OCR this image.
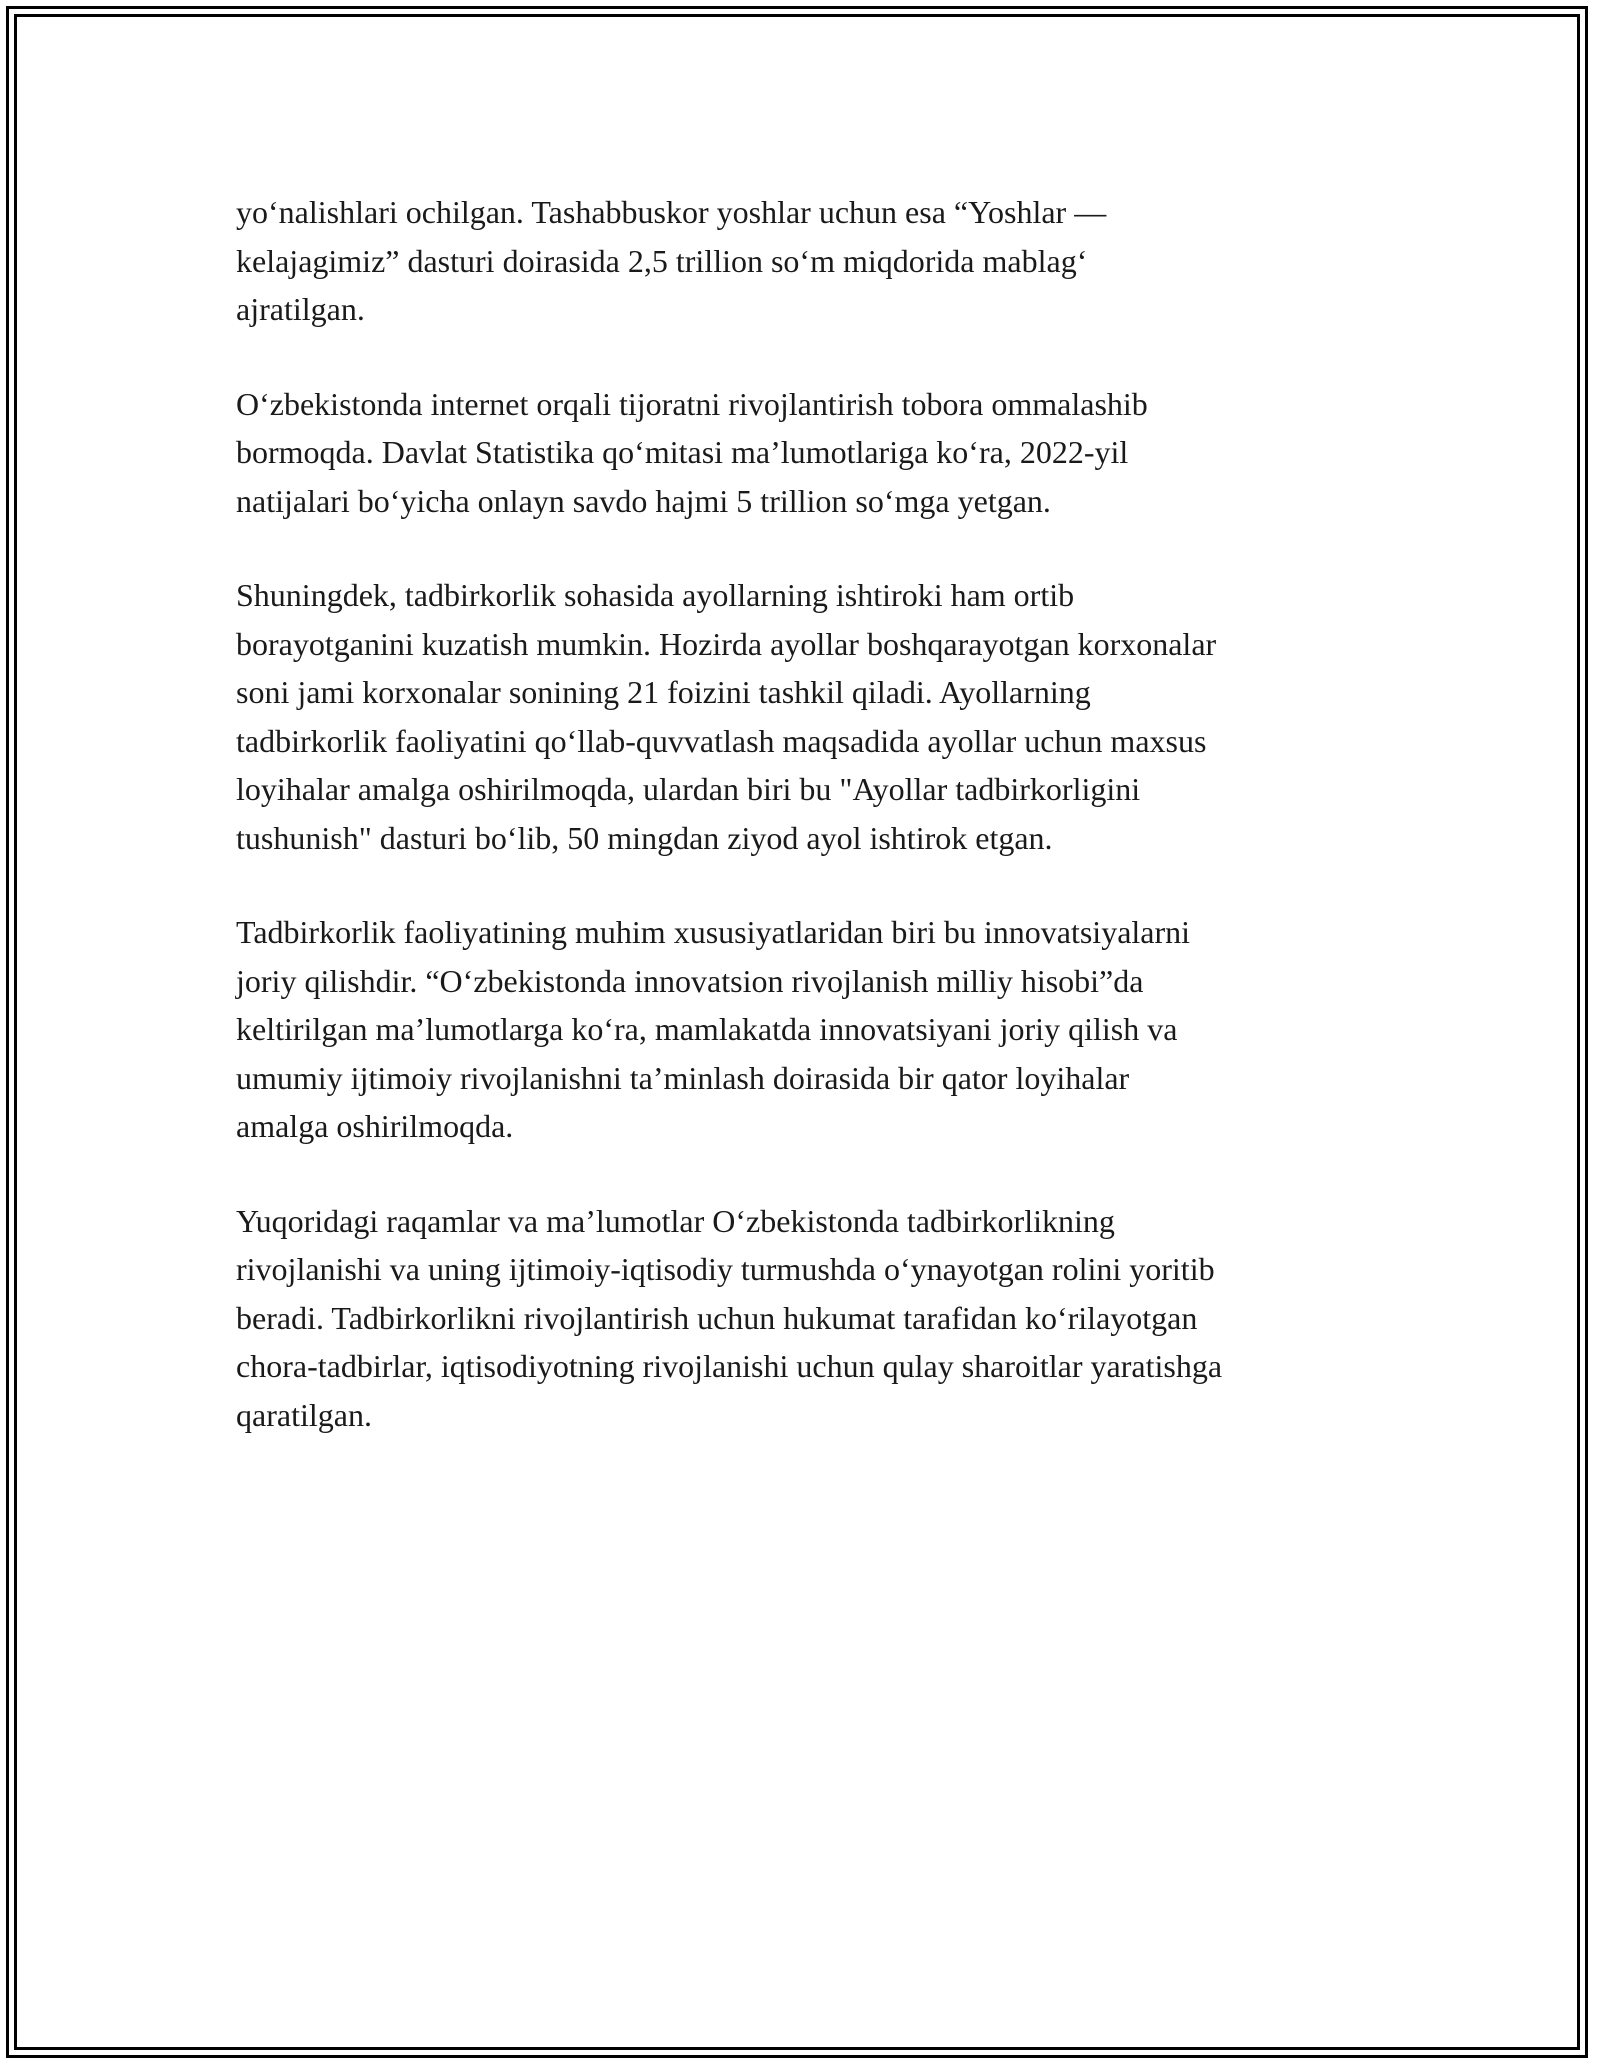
yo‘nalishlari ochilgan. Tashabbuskor yoshlar uchun esa “Yoshlar —
kelajagimiz” dasturi doirasida 2,5 trillion so‘m miqdorida mablag‘
ajratilgan.

O‘zbekistonda internet orqali tijoratni rivojlantirish tobora ommalashib
bormoqda. Davlat Statistika qo‘mitasi ma’lumotlariga ko‘ra, 2022-yil
natijalari bo‘yicha onlayn savdo hajmi 5 trillion so‘mga yetgan.

Shuningdek, tadbirkorlik sohasida ayollarning ishtiroki ham ortib
borayotganini kuzatish mumkin. Hozirda ayollar boshqarayotgan korxonalar
soni jami korxonalar sonining 21 foizini tashkil qiladi. Ayollarning
tadbirkorlik faoliyatini qo‘llab-quvvatlash maqsadida ayollar uchun maxsus
loyihalar amalga oshirilmoqda, ulardan biri bu "Ayollar tadbirkorligini
tushunish" dasturi bo‘lib, 50 mingdan ziyod ayol ishtirok etgan.

Tadbirkorlik faoliyatining muhim xususiyatlaridan biri bu innovatsiyalarni
joriy qilishdir. “O‘zbekistonda innovatsion rivojlanish milliy hisobi”da
keltirilgan ma’lumotlarga ko‘ra, mamlakatda innovatsiyani joriy qilish va
umumiy ijtimoiy rivojlanishni ta’minlash doirasida bir qator loyihalar
amalga oshirilmoqda.

Yuqoridagi raqamlar va ma’lumotlar O‘zbekistonda tadbirkorlikning
rivojlanishi va uning ijtimoiy-iqtisodiy turmushda o‘ynayotgan rolini yoritib
beradi. Tadbirkorlikni rivojlantirish uchun hukumat tarafidan ko‘rilayotgan
chora-tadbirlar, iqtisodiyotning rivojlanishi uchun qulay sharoitlar yaratishga
qaratilgan.
